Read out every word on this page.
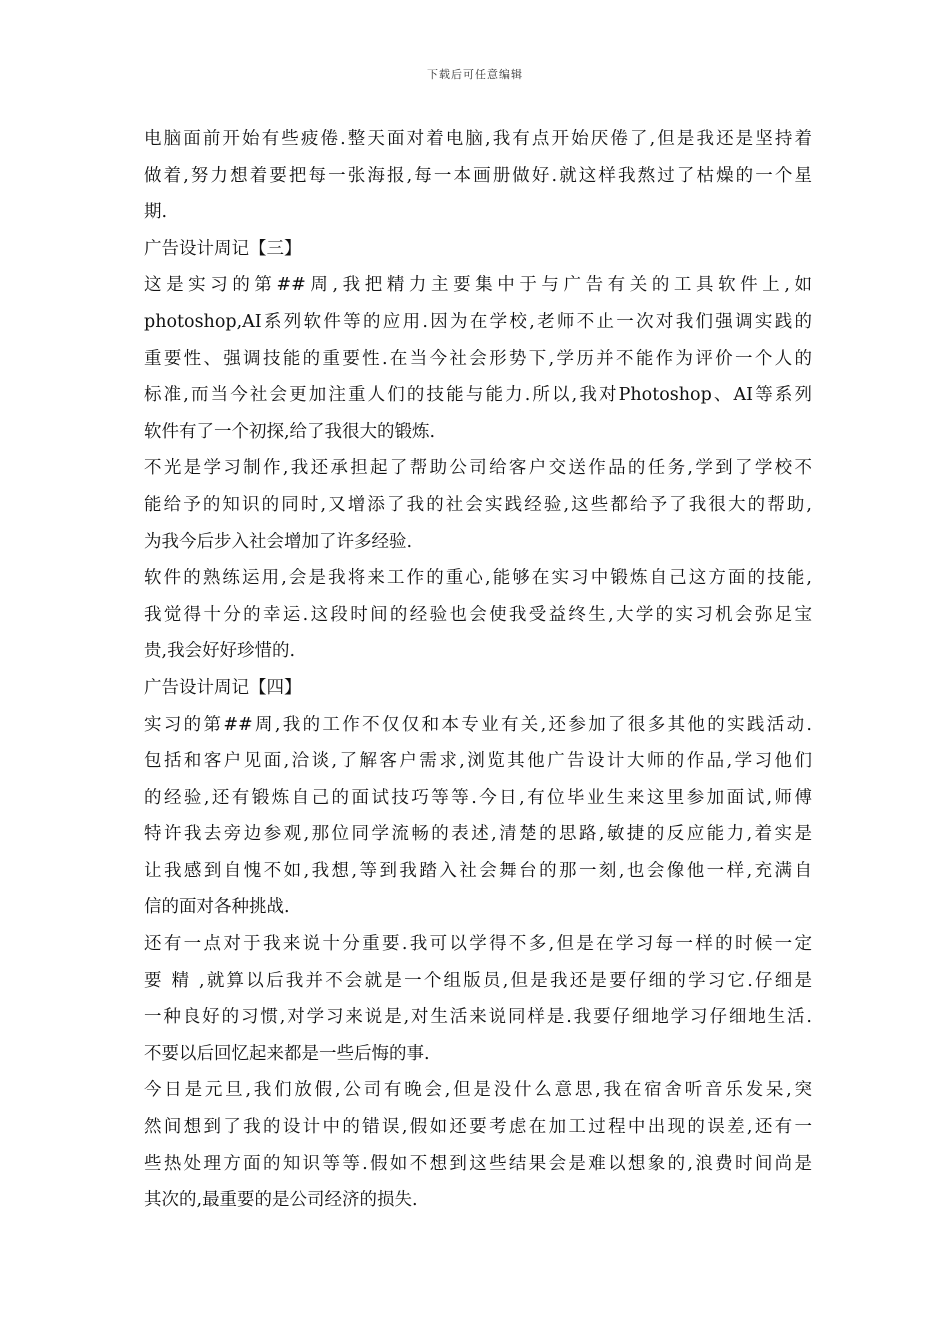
下载后可任意编辑
电脑面前开始有些疲倦.整天面对着电脑,我有点开始厌倦了,但是我还是坚持着
做着,努力想着要把每一张海报,每一本画册做好.就这样我熬过了枯燥的一个星
期.
广告设计周记【三】
这是实习的第##周,我把精力主要集中于与广告有关的工具软件上,如
photoshop,AI系列软件等的应用.因为在学校,老师不止一次对我们强调实践的
重要性、强调技能的重要性.在当今社会形势下,学历并不能作为评价一个人的
标准,而当今社会更加注重人们的技能与能力.所以,我对Photoshop、AI等系列
软件有了一个初探,给了我很大的锻炼.
不光是学习制作,我还承担起了帮助公司给客户交送作品的任务,学到了学校不
能给予的知识的同时,又增添了我的社会实践经验,这些都给予了我很大的帮助,
为我今后步入社会增加了许多经验.
软件的熟练运用,会是我将来工作的重心,能够在实习中锻炼自己这方面的技能,
我觉得十分的幸运.这段时间的经验也会使我受益终生,大学的实习机会弥足宝
贵,我会好好珍惜的.
广告设计周记【四】
实习的第##周,我的工作不仅仅和本专业有关,还参加了很多其他的实践活动.
包括和客户见面,洽谈,了解客户需求,浏览其他广告设计大师的作品,学习他们
的经验,还有锻炼自己的面试技巧等等.今日,有位毕业生来这里参加面试,师傅
特许我去旁边参观,那位同学流畅的表述,清楚的思路,敏捷的反应能力,着实是
让我感到自愧不如,我想,等到我踏入社会舞台的那一刻,也会像他一样,充满自
信的面对各种挑战.
还有一点对于我来说十分重要.我可以学得不多,但是在学习每一样的时候一定
要 精 ,就算以后我并不会就是一个组版员,但是我还是要仔细的学习它.仔细是
一种良好的习惯,对学习来说是,对生活来说同样是.我要仔细地学习仔细地生活.
不要以后回忆起来都是一些后悔的事.
今日是元旦,我们放假,公司有晚会,但是没什么意思,我在宿舍听音乐发呆,突
然间想到了我的设计中的错误,假如还要考虑在加工过程中出现的误差,还有一
些热处理方面的知识等等.假如不想到这些结果会是难以想象的,浪费时间尚是
其次的,最重要的是公司经济的损失.
